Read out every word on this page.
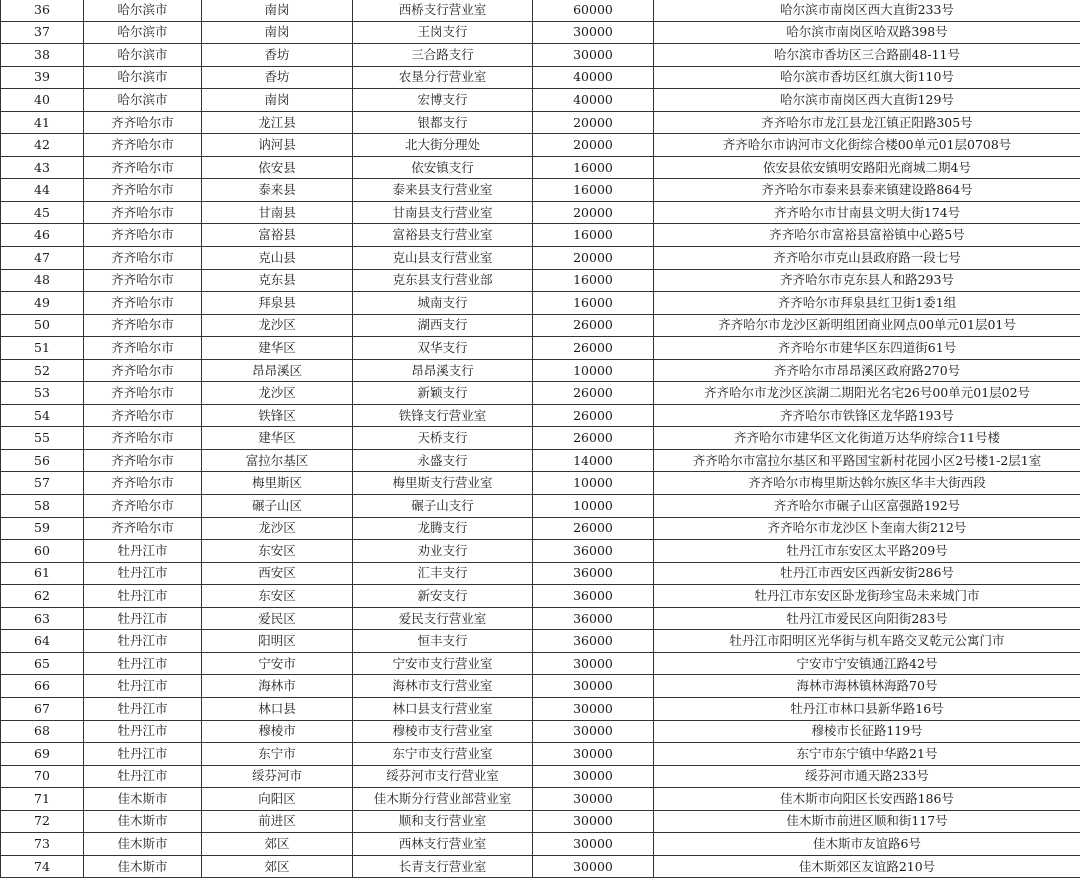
36	哈尔滨市	南岗	西桥支行营业室	60000	哈尔滨市南岗区西大直街233号
37	哈尔滨市	南岗	王岗支行	30000	哈尔滨市南岗区哈双路398号
38	哈尔滨市	香坊	三合路支行	30000	哈尔滨市香坊区三合路副48-11号
39	哈尔滨市	香坊	农垦分行营业室	40000	哈尔滨市香坊区红旗大街110号
40	哈尔滨市	南岗	宏博支行	40000	哈尔滨市南岗区西大直街129号
41	齐齐哈尔市	龙江县	银都支行	20000	齐齐哈尔市龙江县龙江镇正阳路305号
42	齐齐哈尔市	讷河县	北大街分理处	20000	齐齐哈尔市讷河市文化街综合楼00单元01层0708号
43	齐齐哈尔市	依安县	依安镇支行	16000	依安县依安镇明安路阳光商城二期4号
44	齐齐哈尔市	泰来县	泰来县支行营业室	16000	齐齐哈尔市泰来县泰来镇建设路864号
45	齐齐哈尔市	甘南县	甘南县支行营业室	20000	齐齐哈尔市甘南县文明大街174号
46	齐齐哈尔市	富裕县	富裕县支行营业室	16000	齐齐哈尔市富裕县富裕镇中心路5号
47	齐齐哈尔市	克山县	克山县支行营业室	20000	齐齐哈尔市克山县政府路一段七号
48	齐齐哈尔市	克东县	克东县支行营业部	16000	齐齐哈尔市克东县人和路293号
49	齐齐哈尔市	拜泉县	城南支行	16000	齐齐哈尔市拜泉县红卫街1委1组
50	齐齐哈尔市	龙沙区	湖西支行	26000	齐齐哈尔市龙沙区新明组团商业网点00单元01层01号
51	齐齐哈尔市	建华区	双华支行	26000	齐齐哈尔市建华区东四道街61号
52	齐齐哈尔市	昂昂溪区	昂昂溪支行	10000	齐齐哈尔市昂昂溪区政府路270号
53	齐齐哈尔市	龙沙区	新颖支行	26000	齐齐哈尔市龙沙区滨湖二期阳光名宅26号00单元01层02号
54	齐齐哈尔市	铁锋区	铁锋支行营业室	26000	齐齐哈尔市铁锋区龙华路193号
55	齐齐哈尔市	建华区	天桥支行	26000	齐齐哈尔市建华区文化街道万达华府综合11号楼
56	齐齐哈尔市	富拉尔基区	永盛支行	14000	齐齐哈尔市富拉尔基区和平路国宝新村花园小区2号楼1-2层1室
57	齐齐哈尔市	梅里斯区	梅里斯支行营业室	10000	齐齐哈尔市梅里斯达斡尔族区华丰大街西段
58	齐齐哈尔市	碾子山区	碾子山支行	10000	齐齐哈尔市碾子山区富强路192号
59	齐齐哈尔市	龙沙区	龙腾支行	26000	齐齐哈尔市龙沙区卜奎南大街212号
60	牡丹江市	东安区	劝业支行	36000	牡丹江市东安区太平路209号
61	牡丹江市	西安区	汇丰支行	36000	牡丹江市西安区西新安街286号
62	牡丹江市	东安区	新安支行	36000	牡丹江市东安区卧龙街珍宝岛未来城门市
63	牡丹江市	爱民区	爱民支行营业室	36000	牡丹江市爱民区向阳街283号
64	牡丹江市	阳明区	恒丰支行	36000	牡丹江市阳明区光华街与机车路交叉乾元公寓门市
65	牡丹江市	宁安市	宁安市支行营业室	30000	宁安市宁安镇通江路42号
66	牡丹江市	海林市	海林市支行营业室	30000	海林市海林镇林海路70号
67	牡丹江市	林口县	林口县支行营业室	30000	牡丹江市林口县新华路16号
68	牡丹江市	穆棱市	穆棱市支行营业室	30000	穆棱市长征路119号
69	牡丹江市	东宁市	东宁市支行营业室	30000	东宁市东宁镇中华路21号
70	牡丹江市	绥芬河市	绥芬河市支行营业室	30000	绥芬河市通天路233号
71	佳木斯市	向阳区	佳木斯分行营业部营业室	30000	佳木斯市向阳区长安西路186号
72	佳木斯市	前进区	顺和支行营业室	30000	佳木斯市前进区顺和街117号
73	佳木斯市	郊区	西林支行营业室	30000	佳木斯市友谊路6号
74	佳木斯市	郊区	长青支行营业室	30000	佳木斯郊区友谊路210号
